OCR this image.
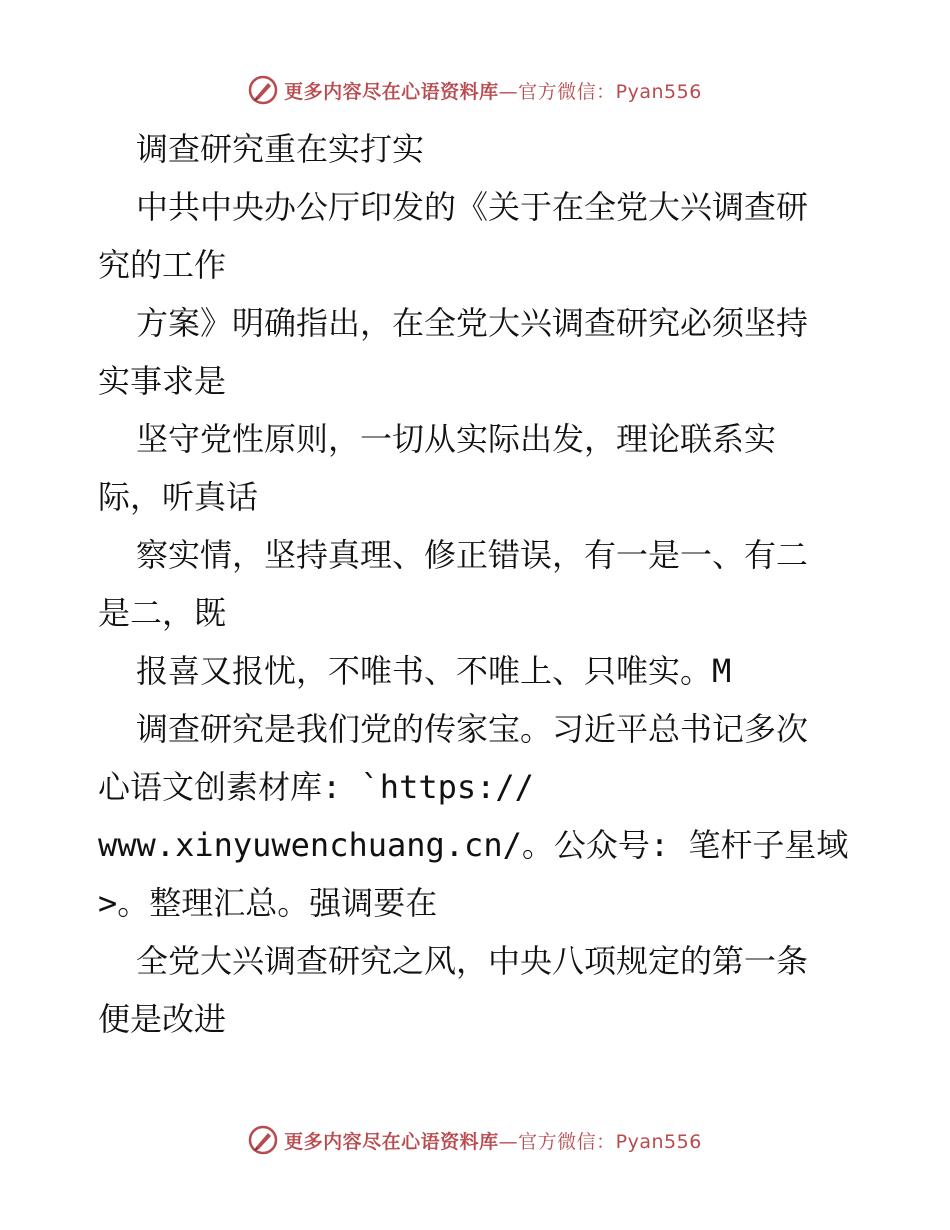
更多内容尽在心语资料库—官方微信：Pyan556
调查研究重在实打实
中共中央办公厅印发的《关于在全党大兴调查研
究的工作
方案》明确指出，在全党大兴调查研究必须坚持
实事求是
坚守党性原则，一切从实际出发，理论联系实
际，听真话
察实情，坚持真理、修正错误，有一是一、有二
是二，既
报喜又报忧，不唯书、不唯上、只唯实。M
调查研究是我们党的传家宝。习近平总书记多次
心语文创素材库: `https://
www.xinyuwenchuang.cn/。公众号: 笔杆子星域
>。整理汇总。强调要在
全党大兴调查研究之风，中央八项规定的第一条
便是改进
更多内容尽在心语资料库—官方微信：Pyan556
